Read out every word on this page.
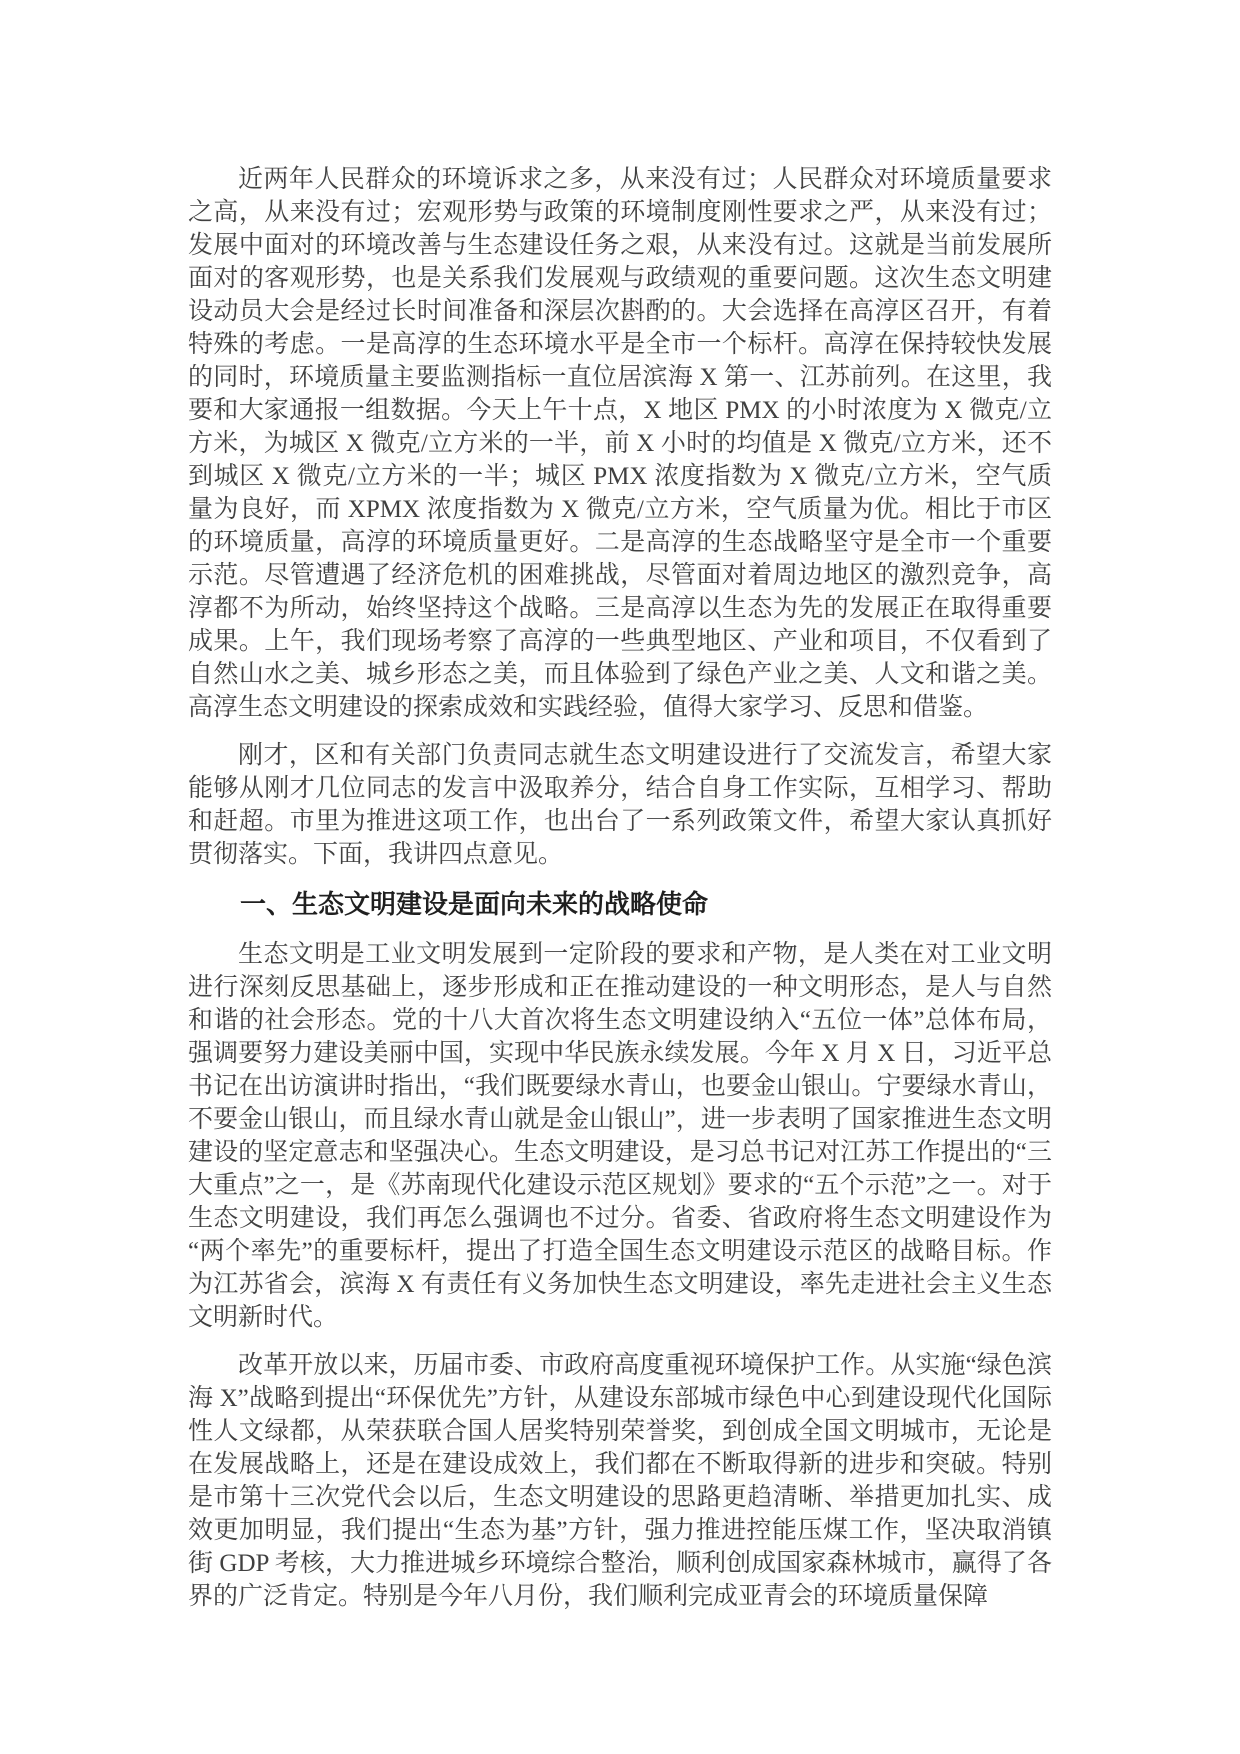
近两年人民群众的环境诉求之多，从来没有过；人民群众对环境质量要求之高，从来没有过；宏观形势与政策的环境制度刚性要求之严，从来没有过；发展中面对的环境改善与生态建设任务之艰，从来没有过。这就是当前发展所面对的客观形势，也是关系我们发展观与政绩观的重要问题。这次生态文明建设动员大会是经过长时间准备和深层次斟酌的。大会选择在高淳区召开，有着特殊的考虑。一是高淳的生态环境水平是全市一个标杆。高淳在保持较快发展的同时，环境质量主要监测指标一直位居滨海 X 第一、江苏前列。在这里，我要和大家通报一组数据。今天上午十点，X 地区 PMX 的小时浓度为 X 微克/立方米，为城区 X 微克/立方米的一半，前 X 小时的均值是 X 微克/立方米，还不到城区 X 微克/立方米的一半；城区 PMX 浓度指数为 X 微克/立方米，空气质量为良好，而 XPMX 浓度指数为 X 微克/立方米，空气质量为优。相比于市区的环境质量，高淳的环境质量更好。二是高淳的生态战略坚守是全市一个重要示范。尽管遭遇了经济危机的困难挑战，尽管面对着周边地区的激烈竞争，高淳都不为所动，始终坚持这个战略。三是高淳以生态为先的发展正在取得重要成果。上午，我们现场考察了高淳的一些典型地区、产业和项目，不仅看到了自然山水之美、城乡形态之美，而且体验到了绿色产业之美、人文和谐之美。高淳生态文明建设的探索成效和实践经验，值得大家学习、反思和借鉴。

刚才，区和有关部门负责同志就生态文明建设进行了交流发言，希望大家能够从刚才几位同志的发言中汲取养分，结合自身工作实际，互相学习、帮助和赶超。市里为推进这项工作，也出台了一系列政策文件，希望大家认真抓好贯彻落实。下面，我讲四点意见。

一、生态文明建设是面向未来的战略使命

生态文明是工业文明发展到一定阶段的要求和产物，是人类在对工业文明进行深刻反思基础上，逐步形成和正在推动建设的一种文明形态，是人与自然和谐的社会形态。党的十八大首次将生态文明建设纳入“五位一体”总体布局，强调要努力建设美丽中国，实现中华民族永续发展。今年 X 月 X 日，习近平总书记在出访演讲时指出，“我们既要绿水青山，也要金山银山。宁要绿水青山，不要金山银山，而且绿水青山就是金山银山”，进一步表明了国家推进生态文明建设的坚定意志和坚强决心。生态文明建设，是习总书记对江苏工作提出的“三大重点”之一，是《苏南现代化建设示范区规划》要求的“五个示范”之一。对于生态文明建设，我们再怎么强调也不过分。省委、省政府将生态文明建设作为“两个率先”的重要标杆，提出了打造全国生态文明建设示范区的战略目标。作为江苏省会，滨海 X 有责任有义务加快生态文明建设，率先走进社会主义生态文明新时代。

改革开放以来，历届市委、市政府高度重视环境保护工作。从实施“绿色滨海 X”战略到提出“环保优先”方针，从建设东部城市绿色中心到建设现代化国际性人文绿都，从荣获联合国人居奖特别荣誉奖，到创成全国文明城市，无论是在发展战略上，还是在建设成效上，我们都在不断取得新的进步和突破。特别是市第十三次党代会以后，生态文明建设的思路更趋清晰、举措更加扎实、成效更加明显，我们提出“生态为基”方针，强力推进控能压煤工作，坚决取消镇街 GDP 考核，大力推进城乡环境综合整治，顺利创成国家森林城市，赢得了各界的广泛肯定。特别是今年八月份，我们顺利完成亚青会的环境质量保障
